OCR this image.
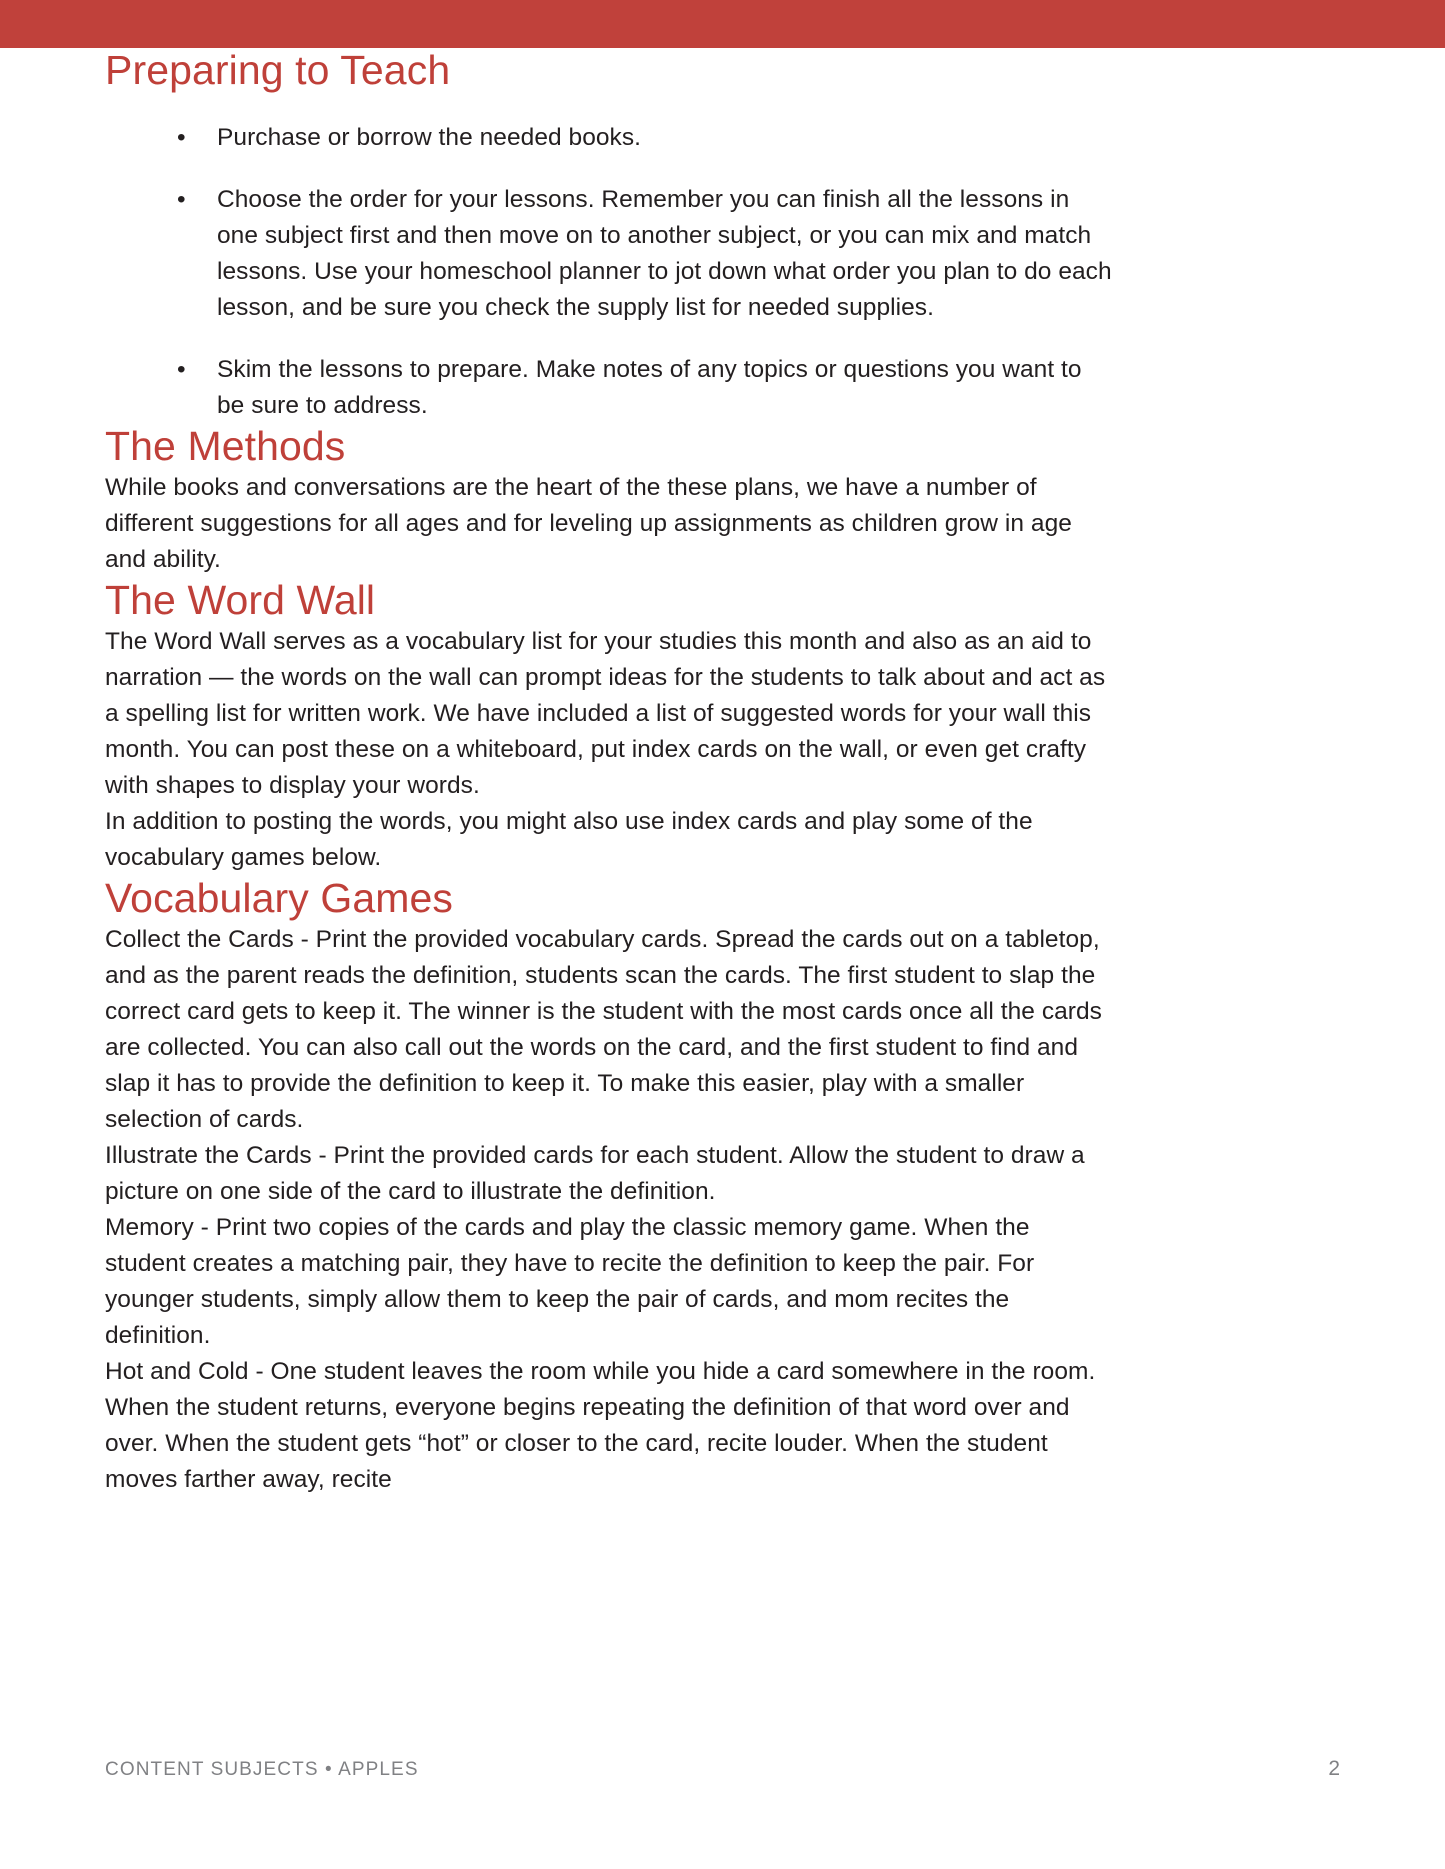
Preparing to Teach
• Purchase or borrow the needed books.
• Choose the order for your lessons. Remember you can finish all the lessons in one subject first and then move on to another subject, or you can mix and match lessons. Use your homeschool planner to jot down what order you plan to do each lesson, and be sure you check the supply list for needed supplies.
• Skim the lessons to prepare. Make notes of any topics or questions you want to be sure to address.
The Methods

While books and conversations are the heart of the these plans, we have a number of different suggestions for all ages and for leveling up assignments as children grow in age and ability.

The Word Wall

The Word Wall serves as a vocabulary list for your studies this month and also as an aid to narration — the words on the wall can prompt ideas for the students to talk about and act as a spelling list for written work. We have included a list of suggested words for your wall this month. You can post these on a whiteboard, put index cards on the wall, or even get crafty with shapes to display your words.

In addition to posting the words, you might also use index cards and play some of the vocabulary games below.

Vocabulary Games

Collect the Cards - Print the provided vocabulary cards. Spread the cards out on a tabletop, and as the parent reads the definition, students scan the cards. The first student to slap the correct card gets to keep it. The winner is the student with the most cards once all the cards are collected. You can also call out the words on the card, and the first student to find and slap it has to provide the definition to keep it. To make this easier, play with a smaller selection of cards.

Illustrate the Cards - Print the provided cards for each student. Allow the student to draw a picture on one side of the card to illustrate the definition.

Memory - Print two copies of the cards and play the classic memory game. When the student creates a matching pair, they have to recite the definition to keep the pair. For younger students, simply allow them to keep the pair of cards, and mom recites the definition.

Hot and Cold - One student leaves the room while you hide a card somewhere in the room. When the student returns, everyone begins repeating the definition of that word over and over. When the student gets “hot” or closer to the card, recite louder. When the student moves farther away, recite

CONTENT SUBJECTS • APPLES	2
